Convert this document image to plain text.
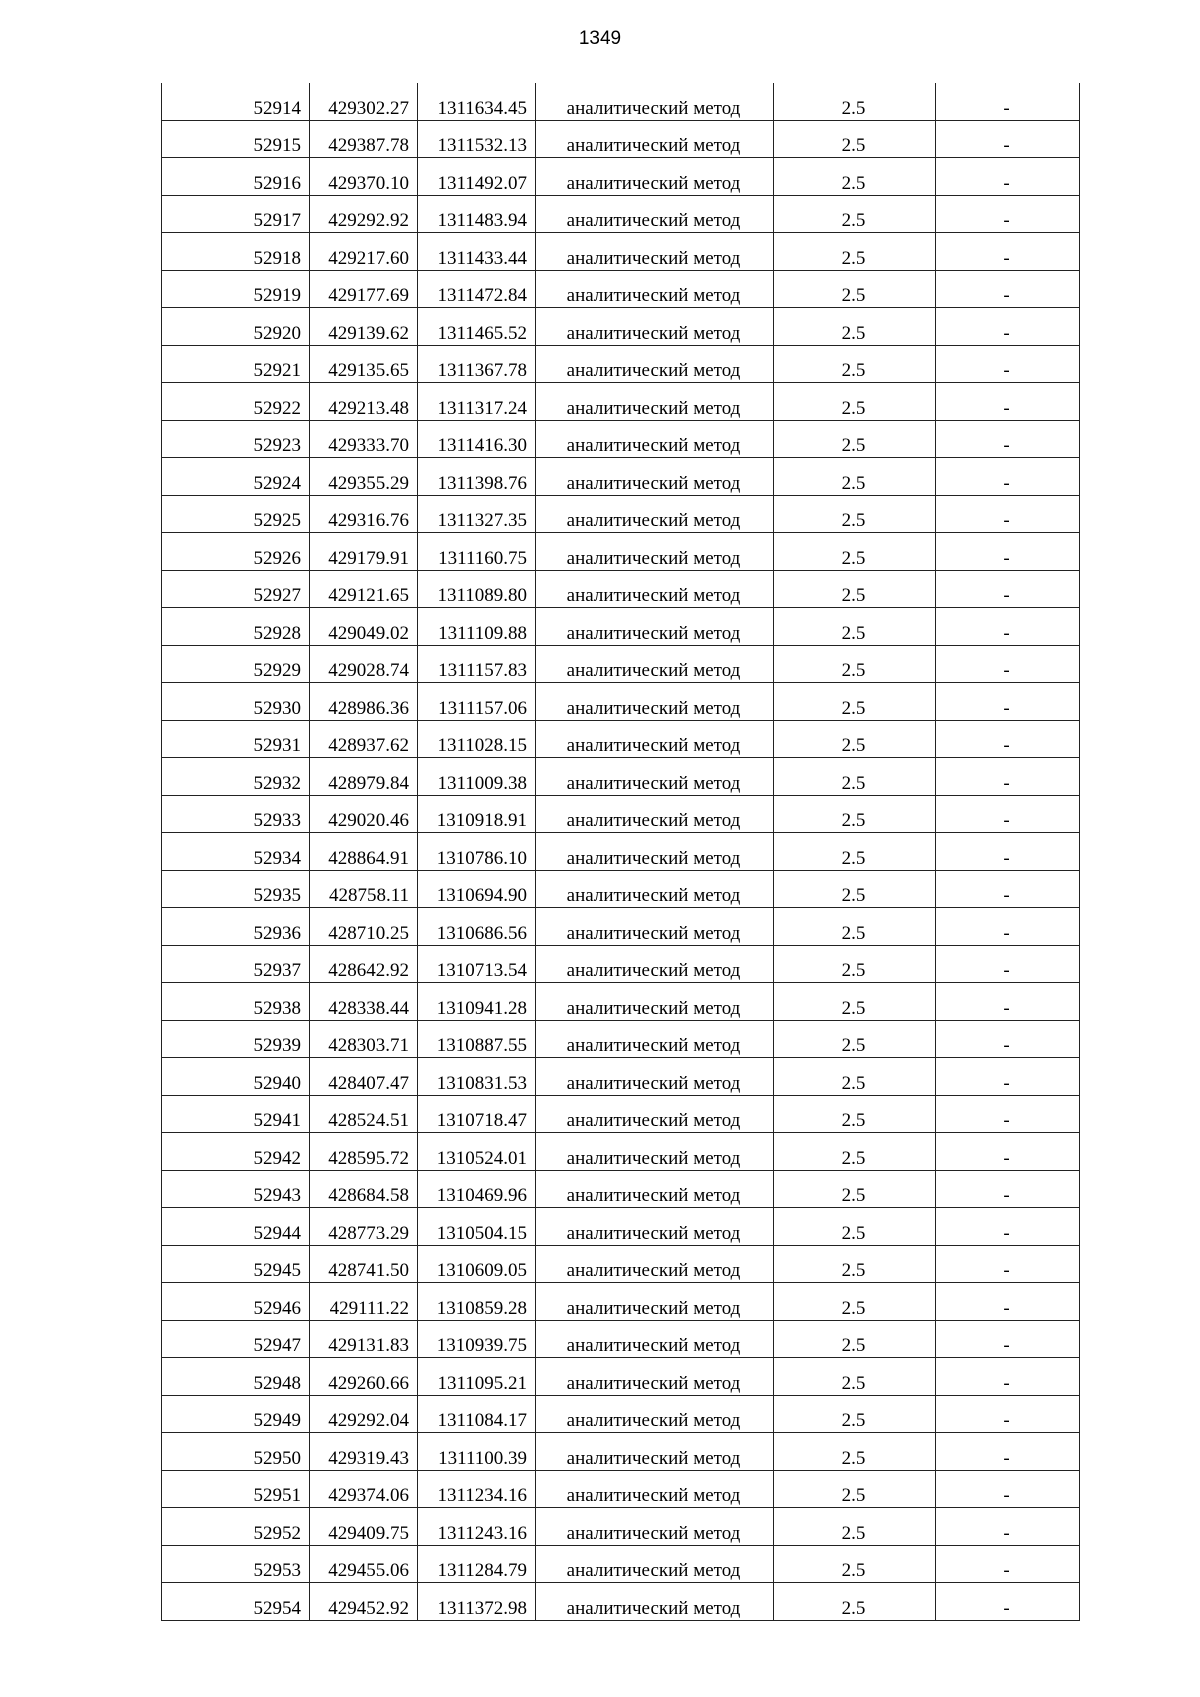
1349
52914	429302.27	1311634.45	аналитический метод	2.5	-
52915	429387.78	1311532.13	аналитический метод	2.5	-
52916	429370.10	1311492.07	аналитический метод	2.5	-
52917	429292.92	1311483.94	аналитический метод	2.5	-
52918	429217.60	1311433.44	аналитический метод	2.5	-
52919	429177.69	1311472.84	аналитический метод	2.5	-
52920	429139.62	1311465.52	аналитический метод	2.5	-
52921	429135.65	1311367.78	аналитический метод	2.5	-
52922	429213.48	1311317.24	аналитический метод	2.5	-
52923	429333.70	1311416.30	аналитический метод	2.5	-
52924	429355.29	1311398.76	аналитический метод	2.5	-
52925	429316.76	1311327.35	аналитический метод	2.5	-
52926	429179.91	1311160.75	аналитический метод	2.5	-
52927	429121.65	1311089.80	аналитический метод	2.5	-
52928	429049.02	1311109.88	аналитический метод	2.5	-
52929	429028.74	1311157.83	аналитический метод	2.5	-
52930	428986.36	1311157.06	аналитический метод	2.5	-
52931	428937.62	1311028.15	аналитический метод	2.5	-
52932	428979.84	1311009.38	аналитический метод	2.5	-
52933	429020.46	1310918.91	аналитический метод	2.5	-
52934	428864.91	1310786.10	аналитический метод	2.5	-
52935	428758.11	1310694.90	аналитический метод	2.5	-
52936	428710.25	1310686.56	аналитический метод	2.5	-
52937	428642.92	1310713.54	аналитический метод	2.5	-
52938	428338.44	1310941.28	аналитический метод	2.5	-
52939	428303.71	1310887.55	аналитический метод	2.5	-
52940	428407.47	1310831.53	аналитический метод	2.5	-
52941	428524.51	1310718.47	аналитический метод	2.5	-
52942	428595.72	1310524.01	аналитический метод	2.5	-
52943	428684.58	1310469.96	аналитический метод	2.5	-
52944	428773.29	1310504.15	аналитический метод	2.5	-
52945	428741.50	1310609.05	аналитический метод	2.5	-
52946	429111.22	1310859.28	аналитический метод	2.5	-
52947	429131.83	1310939.75	аналитический метод	2.5	-
52948	429260.66	1311095.21	аналитический метод	2.5	-
52949	429292.04	1311084.17	аналитический метод	2.5	-
52950	429319.43	1311100.39	аналитический метод	2.5	-
52951	429374.06	1311234.16	аналитический метод	2.5	-
52952	429409.75	1311243.16	аналитический метод	2.5	-
52953	429455.06	1311284.79	аналитический метод	2.5	-
52954	429452.92	1311372.98	аналитический метод	2.5	-
